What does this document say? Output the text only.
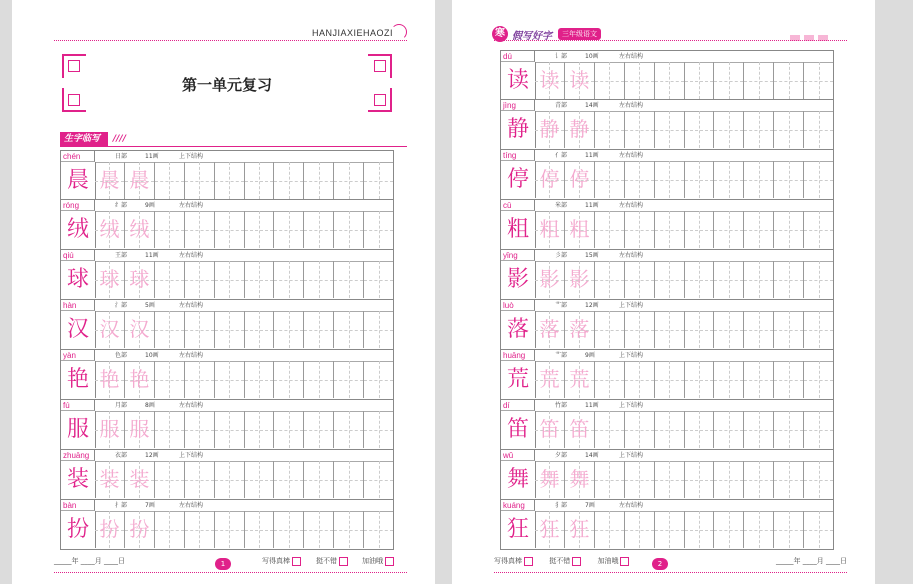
HANJIAXIEHAOZI
第一单元复习
生字临写 ////
chén	日部	11画	上下结构
晨 晨 晨
róng	纟部	9画	左右结构
绒 绒 绒
qiú	王部	11画	左右结构
球 球 球
hàn	氵部	5画	左右结构
汉 汉 汉
yàn	色部	10画	左右结构
艳 艳 艳
fú	月部	8画	左右结构
服 服 服
zhuāng	衣部	12画	上下结构
装 装 装
bàn	扌部	7画	左右结构
扮 扮 扮
_____年 ____月 ____日	写得真棒	挺不错	加油哦
1
寒 假写好字	三年级语文
dú	讠部	10画	左右结构
读 读 读
jìng	青部	14画	左右结构
静 静 静
tíng	亻部	11画	左右结构
停 停 停
cū	米部	11画	左右结构
粗 粗 粗
yǐng	彡部	15画	左右结构
影 影 影
luò	艹部	12画	上下结构
落 落 落
huāng	艹部	9画	上下结构
荒 荒 荒
dí	竹部	11画	上下结构
笛 笛 笛
wǔ	夕部	14画	上下结构
舞 舞 舞
kuáng	犭部	7画	左右结构
狂 狂 狂
写得真棒	挺不错	加油哦	_____年 ____月 ____日
2
